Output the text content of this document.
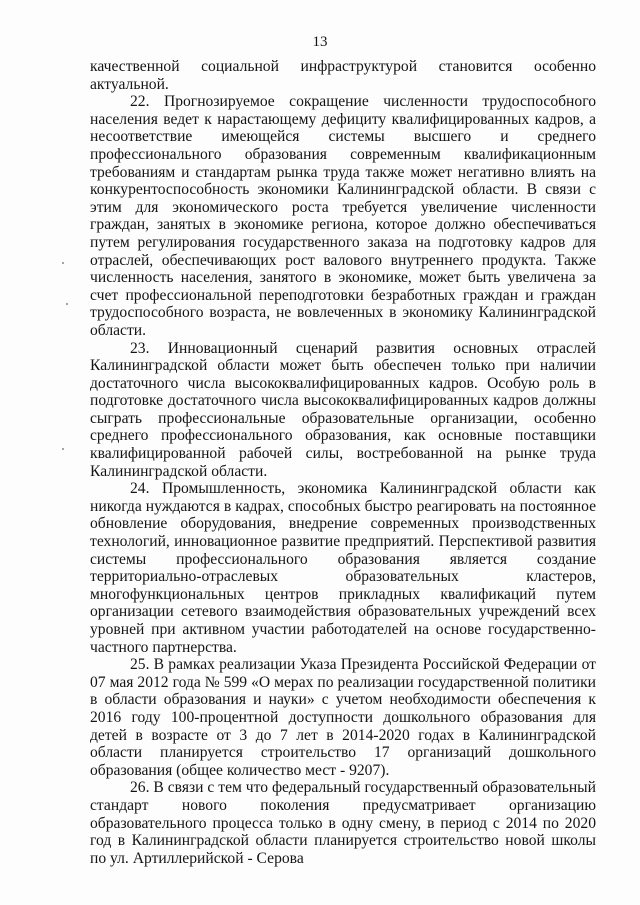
13

качественной социальной инфраструктурой становится особенно актуальной.

22. Прогнозируемое сокращение численности трудоспособного населения ведет к нарастающему дефициту квалифицированных кадров, а несоответствие имеющейся системы высшего и среднего профессионального образования современным квалификационным требованиям и стандартам рынка труда также может негативно влиять на конкурентоспособность экономики Калининградской области. В связи с этим для экономического роста требуется увеличение численности граждан, занятых в экономике региона, которое должно обеспечиваться путем регулирования государственного заказа на подготовку кадров для отраслей, обеспечивающих рост валового внутреннего продукта. Также численность населения, занятого в экономике, может быть увеличена за счет профессиональной переподготовки безработных граждан и граждан трудоспособного возраста, не вовлеченных в экономику Калининградской области.

23. Инновационный сценарий развития основных отраслей Калининградской области может быть обеспечен только при наличии достаточного числа высококвалифицированных кадров. Особую роль в подготовке достаточного числа высококвалифицированных кадров должны сыграть профессиональные образовательные организации, особенно среднего профессионального образования, как основные поставщики квалифицированной рабочей силы, востребованной на рынке труда Калининградской области.

24. Промышленность, экономика Калининградской области как никогда нуждаются в кадрах, способных быстро реагировать на постоянное обновление оборудования, внедрение современных производственных технологий, инновационное развитие предприятий. Перспективой развития системы профессионального образования является создание территориально-отраслевых образовательных кластеров, многофункциональных центров прикладных квалификаций путем организации сетевого взаимодействия образовательных учреждений всех уровней при активном участии работодателей на основе государственно-частного партнерства.

25. В рамках реализации Указа Президента Российской Федерации от 07 мая 2012 года № 599 «О мерах по реализации государственной политики в области образования и науки» с учетом необходимости обеспечения к 2016 году 100-процентной доступности дошкольного образования для детей в возрасте от 3 до 7 лет в 2014-2020 годах в Калининградской области планируется строительство 17 организаций дошкольного образования (общее количество мест - 9207).

26. В связи с тем что федеральный государственный образовательный стандарт нового поколения предусматривает организацию образовательного процесса только в одну смену, в период с 2014 по 2020 год в Калининградской области планируется строительство новой школы по ул. Артиллерийской - Серова
